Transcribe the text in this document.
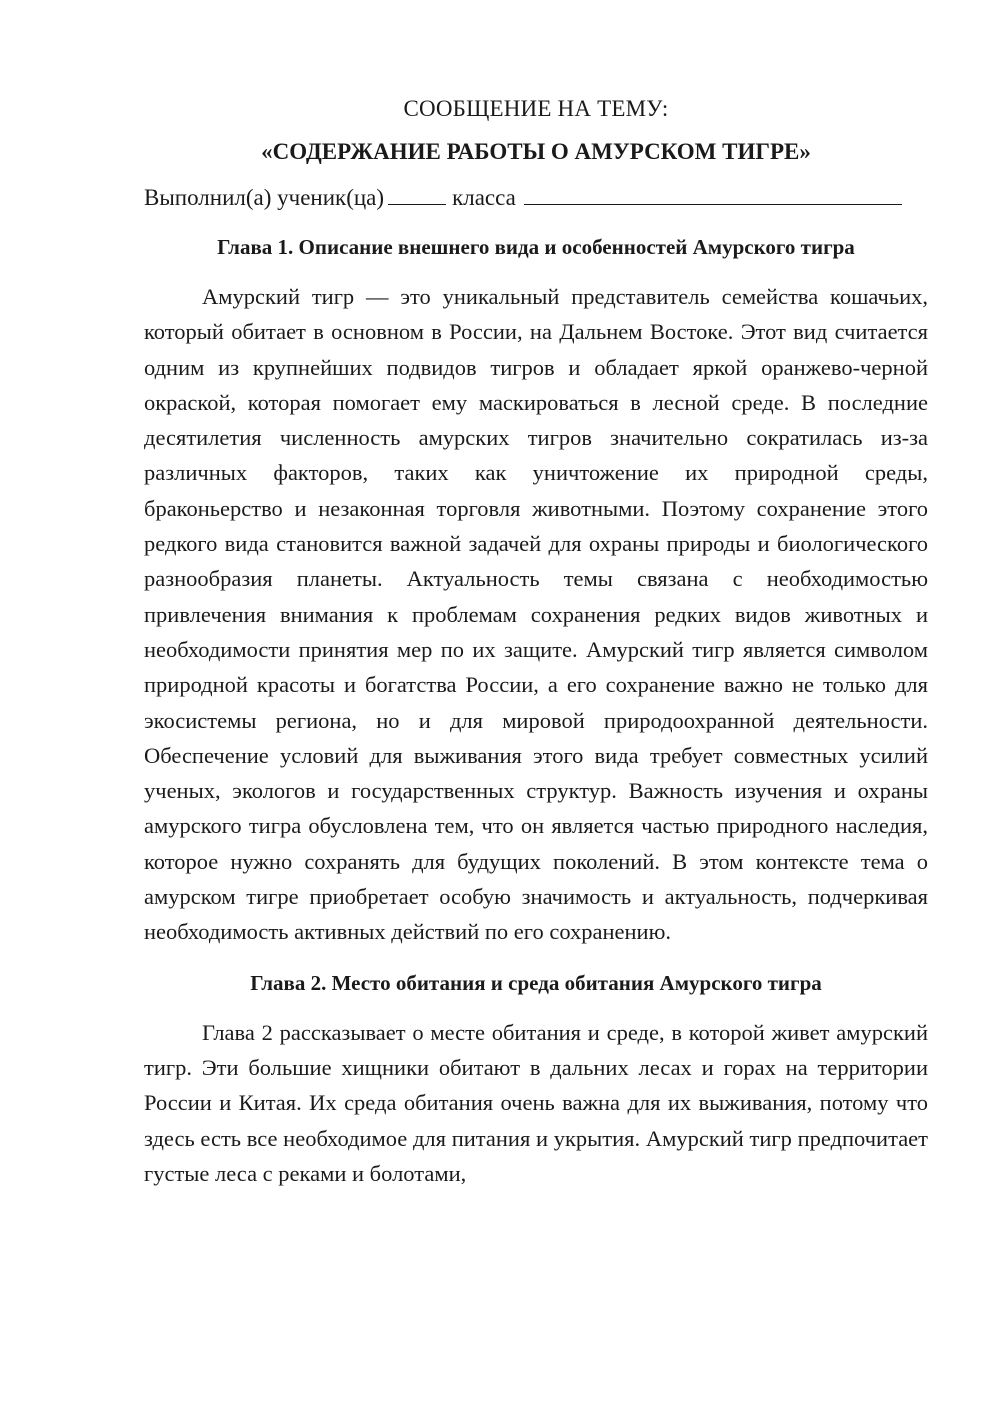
СООБЩЕНИЕ НА ТЕМУ:

«СОДЕРЖАНИЕ РАБОТЫ О АМУРСКОМ ТИГРЕ»

Выполнил(а) ученик(ца)	класса
Глава 1. Описание внешнего вида и особенностей Амурского тигра

Амурский тигр — это уникальный представитель семейства кошачьих, который обитает в основном в России, на Дальнем Востоке. Этот вид считается одним из крупнейших подвидов тигров и обладает яркой оранжево-черной окраской, которая помогает ему маскироваться в лесной среде. В последние десятилетия численность амурских тигров значительно сократилась из-за различных факторов, таких как уничтожение их природной среды, браконьерство и незаконная торговля животными. Поэтому сохранение этого редкого вида становится важной задачей для охраны природы и биологического разнообразия планеты. Актуальность темы связана с необходимостью привлечения внимания к проблемам сохранения редких видов животных и необходимости принятия мер по их защите. Амурский тигр является символом природной красоты и богатства России, а его сохранение важно не только для экосистемы региона, но и для мировой природоохранной деятельности. Обеспечение условий для выживания этого вида требует совместных усилий ученых, экологов и государственных структур. Важность изучения и охраны амурского тигра обусловлена тем, что он является частью природного наследия, которое нужно сохранять для будущих поколений. В этом контексте тема о амурском тигре приобретает особую значимость и актуальность, подчеркивая необходимость активных действий по его сохранению.

Глава 2. Место обитания и среда обитания Амурского тигра

Глава 2 рассказывает о месте обитания и среде, в которой живет амурский тигр. Эти большие хищники обитают в дальних лесах и горах на территории России и Китая. Их среда обитания очень важна для их выживания, потому что здесь есть все необходимое для питания и укрытия. Амурский тигр предпочитает густые леса с реками и болотами,
